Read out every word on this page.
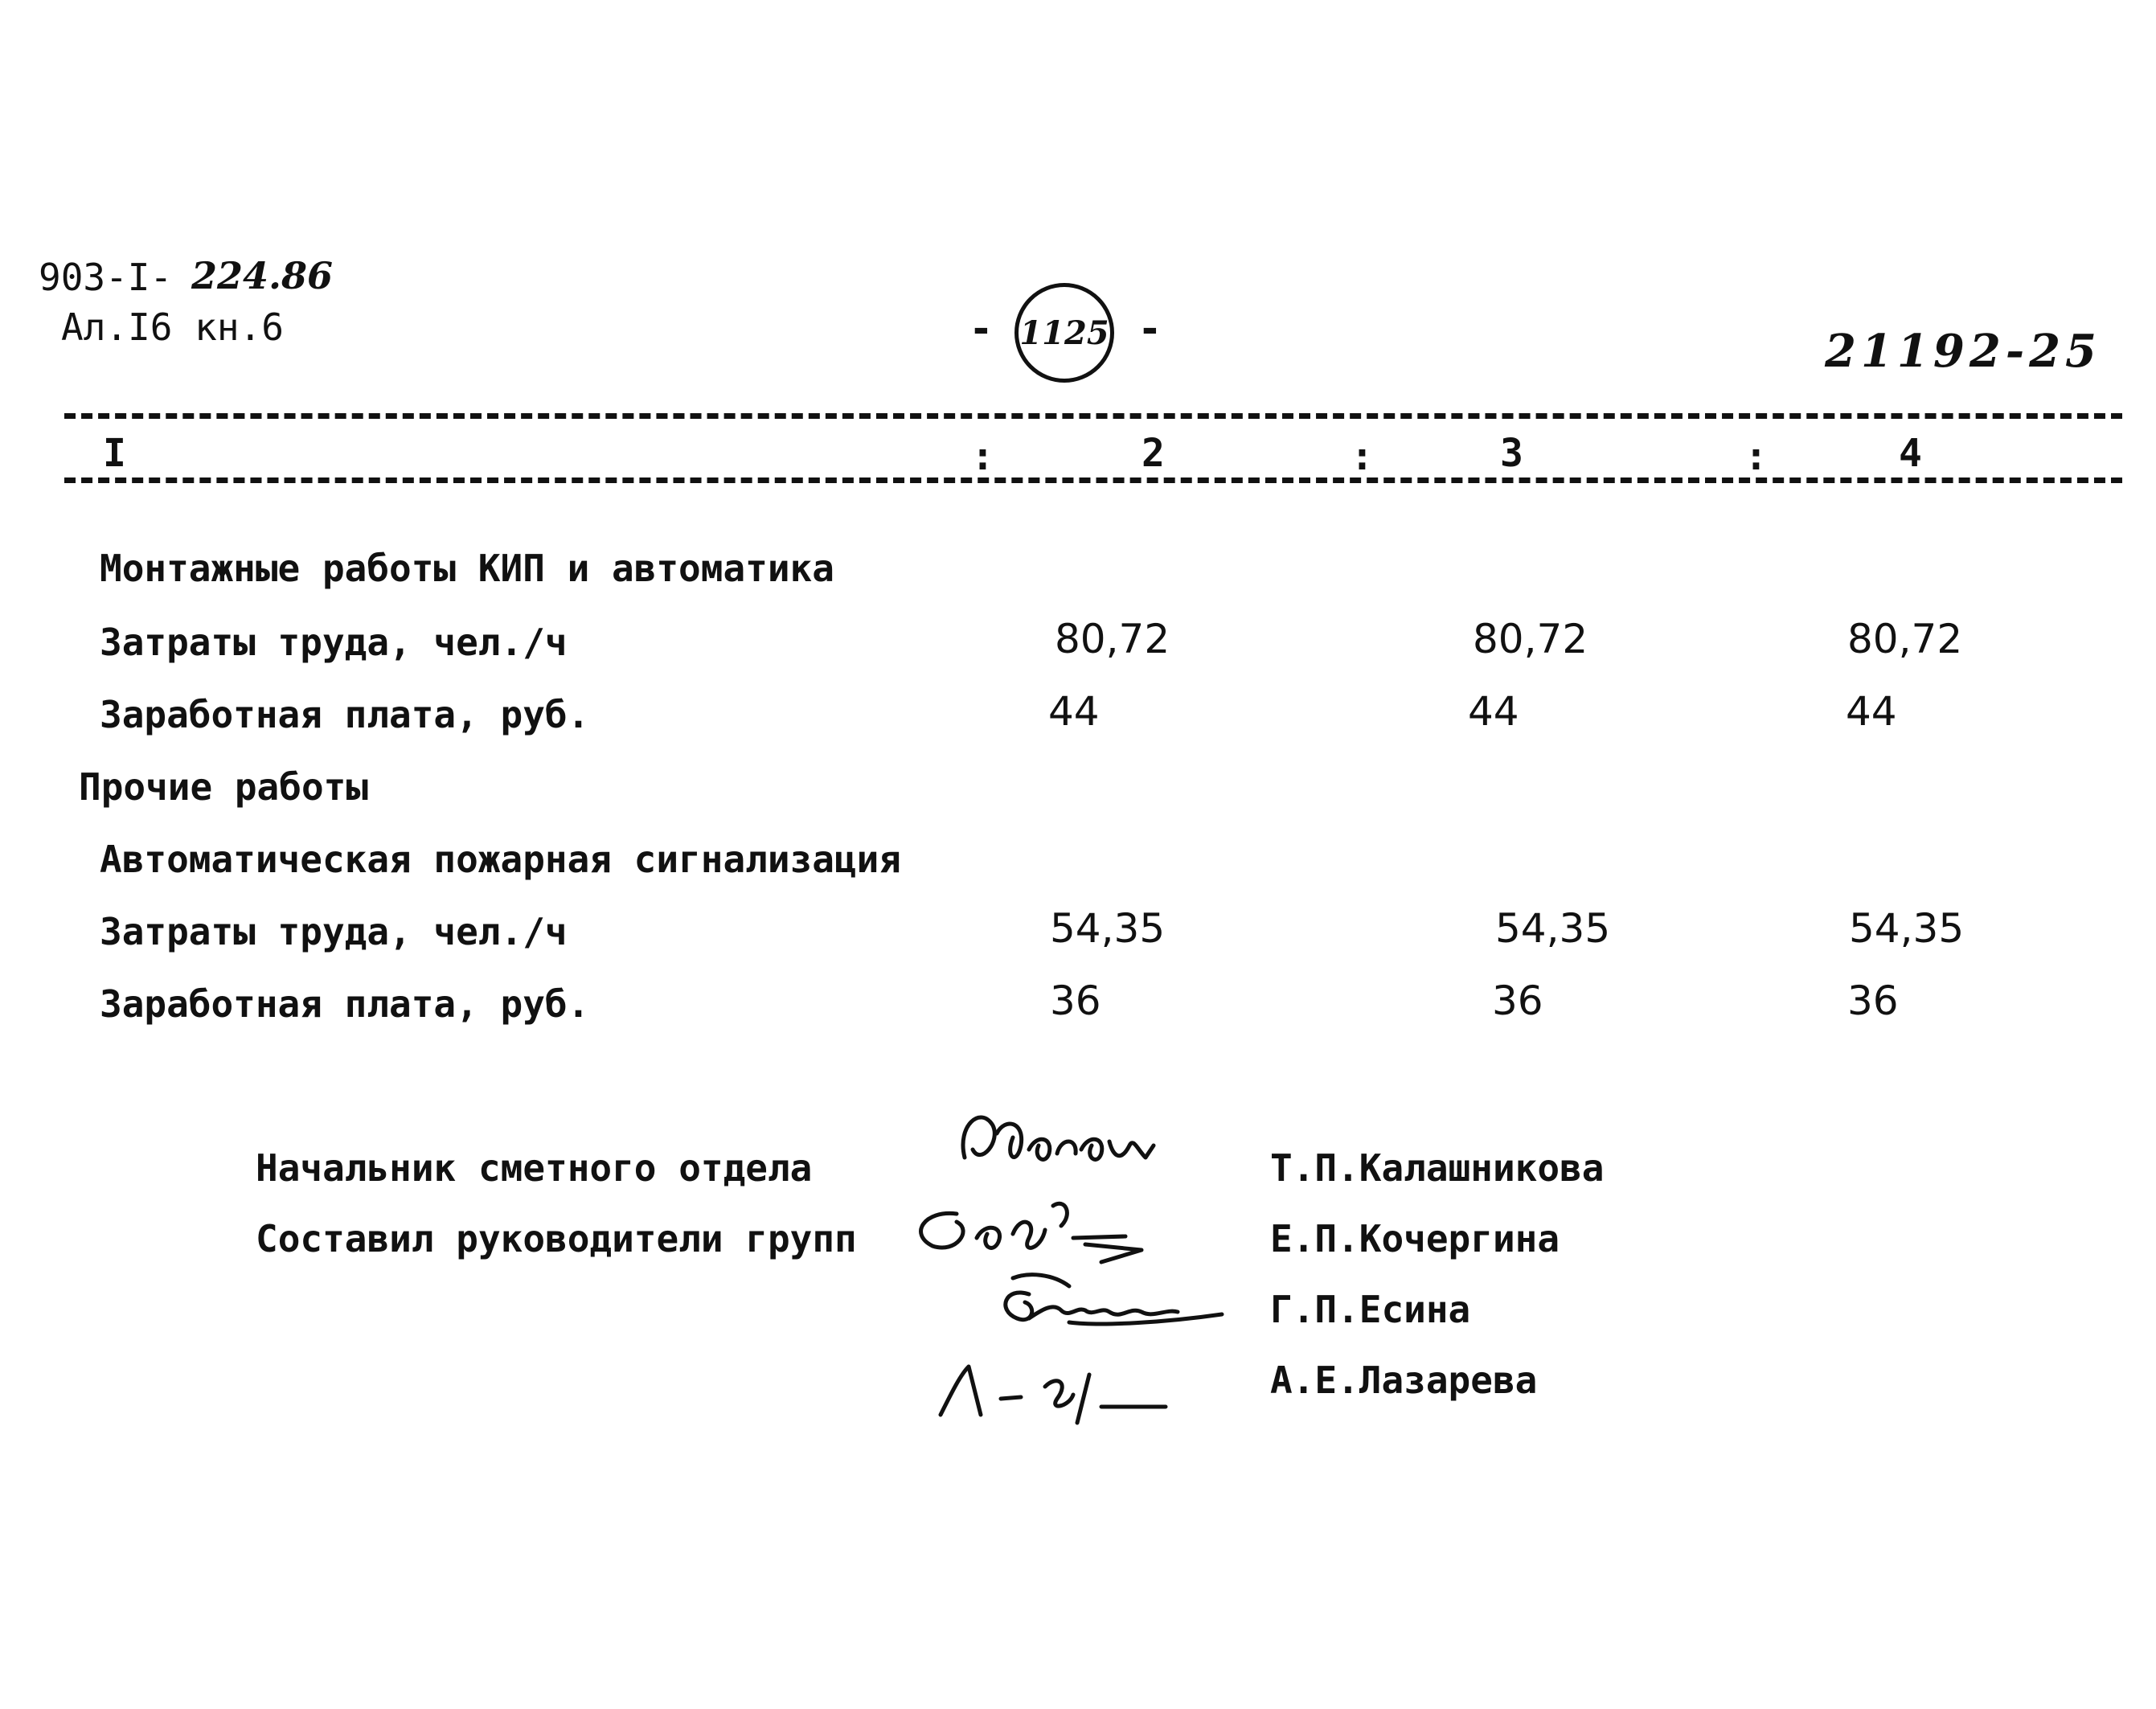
903-I- 224.86
Ал.I6 кн.6	- 1125 -	21192-25
I	:	2	:	3	:	4
Монтажные работы КИП и автоматика
Затраты труда, чел./ч	80,72	80,72	80,72
Заработная плата, руб.	44	44	44
Прочие работы
Автоматическая пожарная сигнализация
Затраты труда, чел./ч	54,35	54,35	54,35
Заработная плата, руб.	36	36	36
Начальник сметного отдела
Составил руководители групп
Т.П.Калашникова
Е.П.Кочергина
Г.П.Есина
А.Е.Лазарева
